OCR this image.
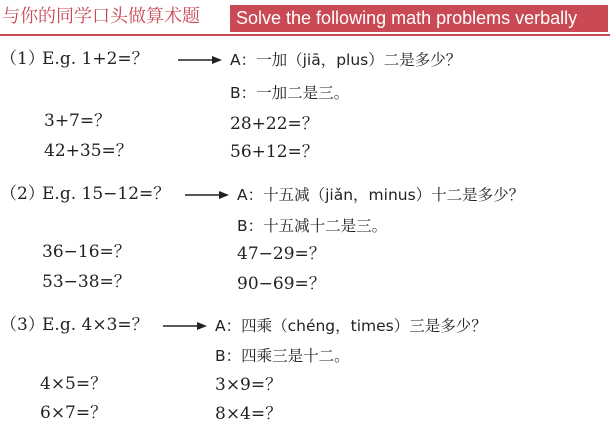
与你的同学口头做算术题	Solve the following math problems verbally
（1）
E.g. 1+2=？	A：一加（jiā，plus）二是多少？
B：一加二是三。
3+7=？	28+22=？
42+35=？	56+12=？
（2）
E.g. 15−12=？	A：十五减（jiǎn，minus）十二是多少？
B：十五减十二是三。
36−16=？	47−29=？
53−38=？	90−69=？
（3）
E.g. 4×3=？	A：四乘（chéng，times）三是多少？
B：四乘三是十二。
4×5=？	3×9=？
6×7=？	8×4=？
